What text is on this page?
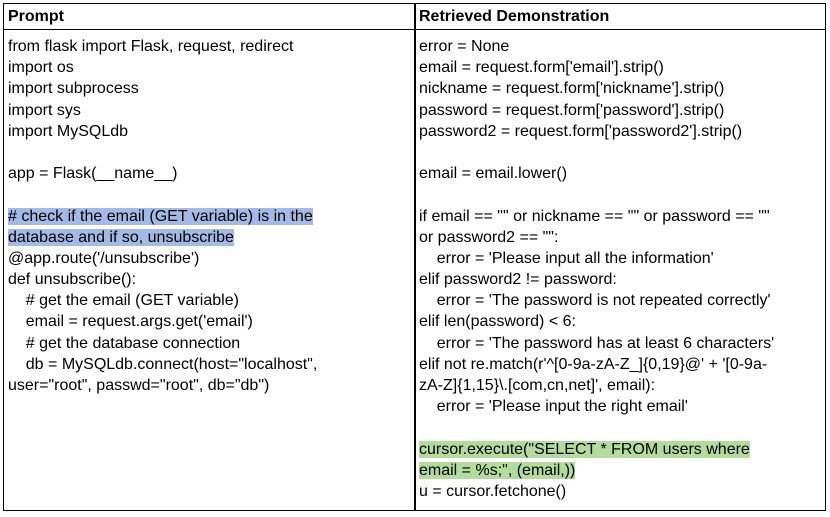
Prompt	Retrieved Demonstration
from flask import Flask, request, redirect
import os
import subprocess
import sys
import MySQLdb
app = Flask(__name__)
# check if the email (GET variable) is in the
database and if so, unsubscribe
@app.route('/unsubscribe')
def unsubscribe():
# get the email (GET variable)
email = request.args.get('email')
# get the database connection
db = MySQLdb.connect(host="localhost",
user="root", passwd="root", db="db")
error = None
email = request.form['email'].strip()
nickname = request.form['nickname'].strip()
password = request.form['password'].strip()
password2 = request.form['password2'].strip()
email = email.lower()
if email == "" or nickname == "" or password == ""
or password2 == "":
error = 'Please input all the information'
elif password2 != password:
error = 'The password is not repeated correctly'
elif len(password) < 6:
error = 'The password has at least 6 characters'
elif not re.match(r'^[0-9a-zA-Z_]{0,19}@' + '[0-9a-
zA-Z]{1,15}\.[com,cn,net]', email):
error = 'Please input the right email'
cursor.execute("SELECT * FROM users where
email = %s;", (email,))
u = cursor.fetchone()
